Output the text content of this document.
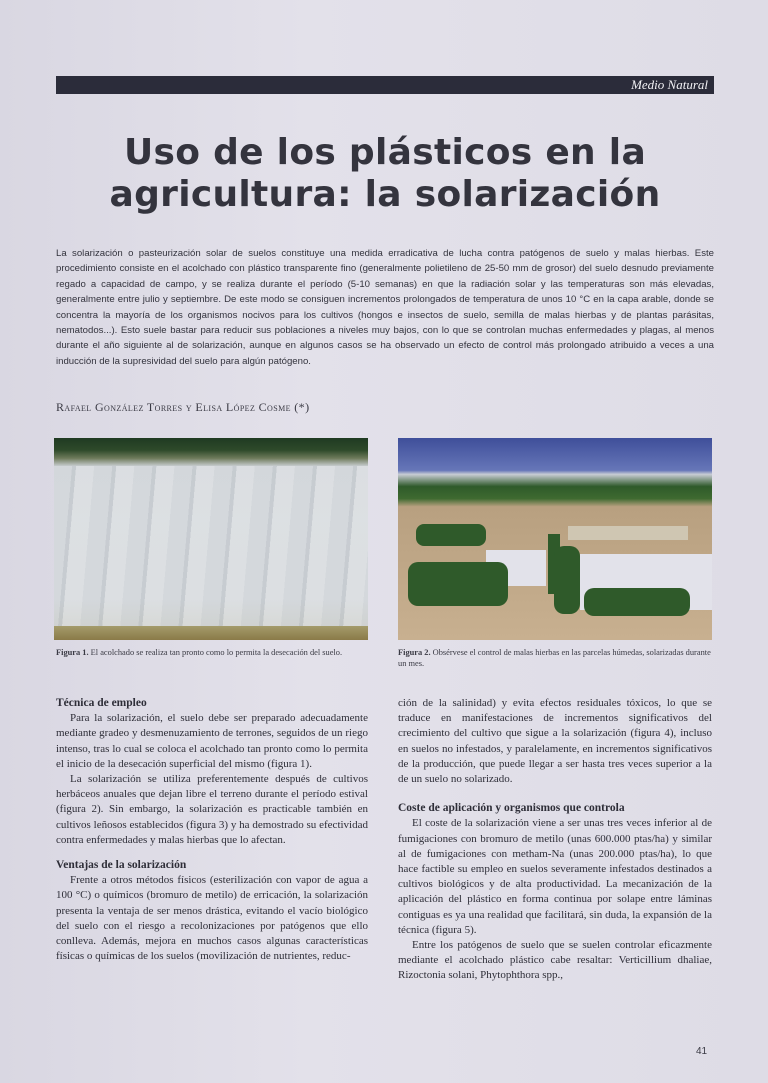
Medio Natural
Uso de los plásticos en la agricultura: la solarización

La solarización o pasteurización solar de suelos constituye una medida erradicativa de lucha contra patógenos de suelo y malas hierbas. Este procedimiento consiste en el acolchado con plástico transparente fino (generalmente polietileno de 25-50 mm de grosor) del suelo desnudo previamente regado a capacidad de campo, y se realiza durante el período (5-10 semanas) en que la radiación solar y las temperaturas son más elevadas, generalmente entre julio y septiembre. De este modo se consiguen incrementos prolongados de temperatura de unos 10 °C en la capa arable, donde se concentra la mayoría de los organismos nocivos para los cultivos (hongos e insectos de suelo, semilla de malas hierbas y de plantas parásitas, nematodos...). Esto suele bastar para reducir sus poblaciones a niveles muy bajos, con lo que se controlan muchas enfermedades y plagas, al menos durante el año siguiente al de solarización, aunque en algunos casos se ha observado un efecto de control más prolongado atribuido a veces a una inducción de la supresividad del suelo para algún patógeno.

Rafael González Torres y Elisa López Cosme (*)
Figura 1. El acolchado se realiza tan pronto como lo permita la desecación del suelo.	Figura 2. Obsérvese el control de malas hierbas en las parcelas húmedas, solarizadas durante un mes.
Técnica de empleo

Para la solarización, el suelo debe ser preparado adecuadamente mediante gradeo y desmenuzamiento de terrones, seguidos de un riego intenso, tras lo cual se coloca el acolchado tan pronto como lo permita el inicio de la desecación superficial del mismo (figura 1).

La solarización se utiliza preferentemente después de cultivos herbáceos anuales que dejan libre el terreno durante el período estival (figura 2). Sin embargo, la solarización es practicable también en cultivos leñosos establecidos (figura 3) y ha demostrado su efectividad contra enfermedades y malas hierbas que lo afectan.

Ventajas de la solarización

Frente a otros métodos físicos (esterilización con vapor de agua a 100 °C) o químicos (bromuro de metilo) de erricación, la solarización presenta la ventaja de ser menos drástica, evitando el vacío biológico del suelo con el riesgo a recolonizaciones por patógenos que ello conlleva. Además, mejora en muchos casos algunas características físicas o químicas de los suelos (movilización de nutrientes, reduc-

ción de la salinidad) y evita efectos residuales tóxicos, lo que se traduce en manifestaciones de incrementos significativos del crecimiento del cultivo que sigue a la solarización (figura 4), incluso en suelos no infestados, y paralelamente, en incrementos significativos de la producción, que puede llegar a ser hasta tres veces superior a la de un suelo no solarizado.

Coste de aplicación y organismos que controla

El coste de la solarización viene a ser unas tres veces inferior al de fumigaciones con bromuro de metilo (unas 600.000 ptas/ha) y similar al de fumigaciones con metham-Na (unas 200.000 ptas/ha), lo que hace factible su empleo en suelos severamente infestados destinados a cultivos biológicos y de alta productividad. La mecanización de la aplicación del plástico en forma continua por solape entre láminas contiguas es ya una realidad que facilitará, sin duda, la expansión de la técnica (figura 5).

Entre los patógenos de suelo que se suelen controlar eficazmente mediante el acolchado plástico cabe resaltar: Verticillium dhaliae, Rizoctonia solani, Phytophthora spp.,

41
